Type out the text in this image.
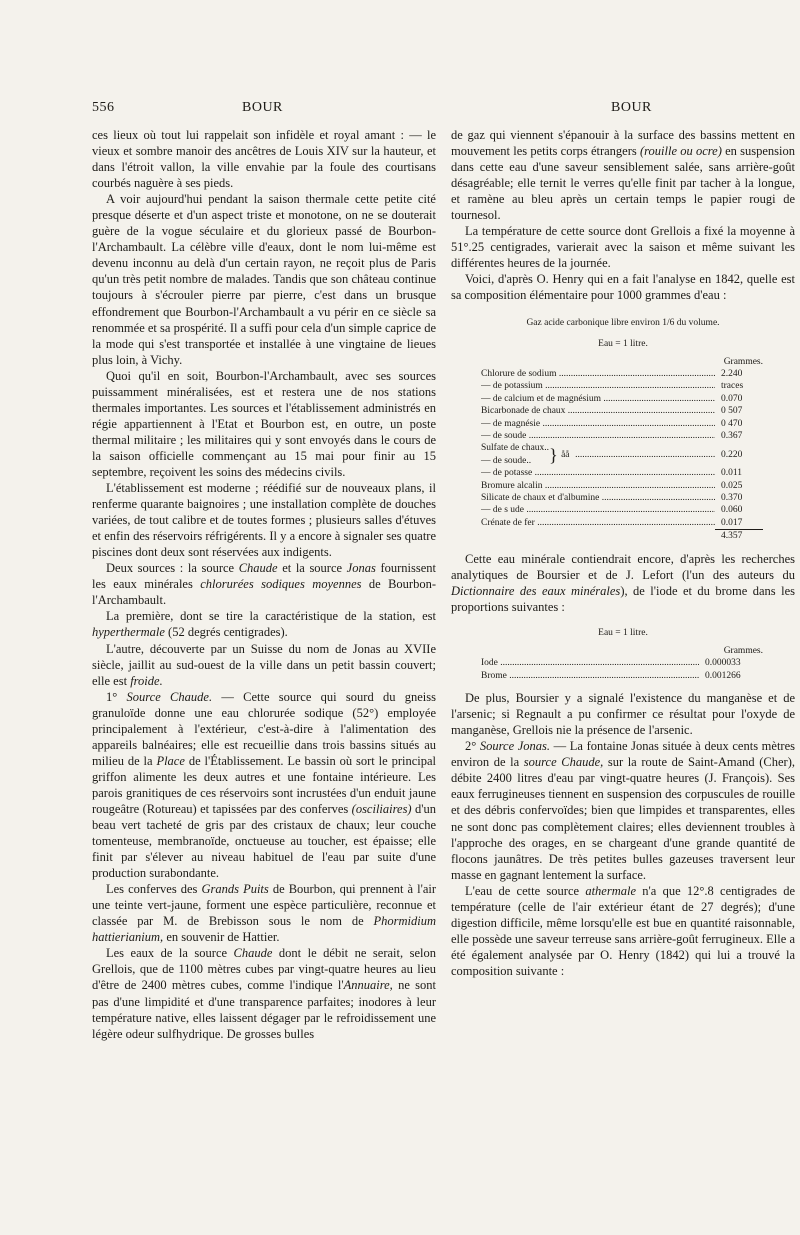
556	BOUR	BOUR

ces lieux où tout lui rappelait son infidèle et royal amant : — le vieux et sombre manoir des ancêtres de Louis XIV sur la hauteur, et dans l'étroit vallon, la ville envahie par la foule des courtisans courbés naguère à ses pieds.

A voir aujourd'hui pendant la saison thermale cette petite cité presque déserte et d'un aspect triste et monotone, on ne se douterait guère de la vogue séculaire et du glorieux passé de Bourbon-l'Archambault. La célèbre ville d'eaux, dont le nom lui-même est devenu inconnu au delà d'un certain rayon, ne reçoit plus de Paris qu'un très petit nombre de malades. Tandis que son château continue toujours à s'écrouler pierre par pierre, c'est dans un brusque effondrement que Bourbon-l'Archambault a vu périr en ce siècle sa renommée et sa prospérité. Il a suffi pour cela d'un simple caprice de la mode qui s'est transportée et installée à une vingtaine de lieues plus loin, à Vichy.

Quoi qu'il en soit, Bourbon-l'Archambault, avec ses sources puissamment minéralisées, est et restera une de nos stations thermales importantes. Les sources et l'établissement administrés en régie appartiennent à l'Etat et Bourbon est, en outre, un poste thermal militaire ; les militaires qui y sont envoyés dans le cours de la saison officielle commençant au 15 mai pour finir au 15 septembre, reçoivent les soins des médecins civils.

L'établissement est moderne ; réédifié sur de nouveaux plans, il renferme quarante baignoires ; une installation complète de douches variées, de tout calibre et de toutes formes ; plusieurs salles d'étuves et enfin des réservoirs réfrigérents. Il y a encore à signaler ses quatre piscines dont deux sont réservées aux indigents.

Deux sources : la source Chaude et la source Jonas fournissent les eaux minérales chlorurées sodiques moyennes de Bourbon-l'Archambault.

La première, dont se tire la caractéristique de la station, est hyperthermale (52 degrés centigrades).

L'autre, découverte par un Suisse du nom de Jonas au XVIIe siècle, jaillit au sud-ouest de la ville dans un petit bassin couvert; elle est froide.

1° Source Chaude. — Cette source qui sourd du gneiss granuloïde donne une eau chlorurée sodique (52°) employée principalement à l'extérieur, c'est-à-dire à l'alimentation des appareils balnéaires; elle est recueillie dans trois bassins situés au milieu de la Place de l'Établissement. Le bassin où sort le principal griffon alimente les deux autres et une fontaine intérieure. Les parois granitiques de ces réservoirs sont incrustées d'un enduit jaune rougeâtre (Rotureau) et tapissées par des conferves (osciliaires) d'un beau vert tacheté de gris par des cristaux de chaux; leur couche tomenteuse, membranoïde, onctueuse au toucher, est épaisse; elle finit par s'élever au niveau habituel de l'eau par suite d'une production surabondante.

Les conferves des Grands Puits de Bourbon, qui prennent à l'air une teinte vert-jaune, forment une espèce particulière, reconnue et classée par M. de Brebisson sous le nom de Phormidium hattierianium, en souvenir de Hattier.

Les eaux de la source Chaude dont le débit ne serait, selon Grellois, que de 1100 mètres cubes par vingt-quatre heures au lieu d'être de 2400 mètres cubes, comme l'indique l'Annuaire, ne sont pas d'une limpidité et d'une transparence parfaites; inodores à leur température native, elles laissent dégager par le refroidissement une légère odeur sulfhydrique. De grosses bulles

de gaz qui viennent s'épanouir à la surface des bassins mettent en mouvement les petits corps étrangers (rouille ou ocre) en suspension dans cette eau d'une saveur sensiblement salée, sans arrière-goût désagréable; elle ternit le verres qu'elle finit par tacher à la longue, et ramène au bleu après un certain temps le papier rougi de tournesol.

La température de cette source dont Grellois a fixé la moyenne à 51°.25 centigrades, varierait avec la saison et même suivant les différentes heures de la journée.

Voici, d'après O. Henry qui en a fait l'analyse en 1842, quelle est sa composition élémentaire pour 1000 grammes d'eau :

Gaz acide carbonique libre environ 1/6 du volume.
Eau = 1 litre.
Grammes.
Chlorure de sodium .....	2.240
— de potassium .....	traces
— de calcium et de magnésium .....	0.070
Bicarbonade de chaux .....	0 507
— de magnésie .....	0 470
— de soude .....	0.367
Sulfate de chaux..
— de soude.. } åå .....	0.220
— de potasse .....	0.011
Bromure alcalin .....	0.025
Silicate de chaux et d'albumine .....	0.370
— de s ude .....	0.060
Crénate de fer .....	0.017
4.357

Cette eau minérale contiendrait encore, d'après les recherches analytiques de Boursier et de J. Lefort (l'un des auteurs du Dictionnaire des eaux minérales), de l'iode et du brome dans les proportions suivantes :

Eau = 1 litre.
Grammes.
Iode .....	0.000033
Brome .....	0.001266

De plus, Boursier y a signalé l'existence du manganèse et de l'arsenic; si Regnault a pu confirmer ce résultat pour l'oxyde de manganèse, Grellois nie la présence de l'arsenic.

2° Source Jonas. — La fontaine Jonas située à deux cents mètres environ de la source Chaude, sur la route de Saint-Amand (Cher), débite 2400 litres d'eau par vingt-quatre heures (J. François). Ses eaux ferrugineuses tiennent en suspension des corpuscules de rouille et des débris confervoïdes; bien que limpides et transparentes, elles ne sont donc pas complètement claires; elles deviennent troubles à l'approche des orages, en se chargeant d'une grande quantité de flocons jaunâtres. De très petites bulles gazeuses traversent leur masse en gagnant lentement la surface.

L'eau de cette source athermale n'a que 12°.8 centigrades de température (celle de l'air extérieur étant de 27 degrés); d'une digestion difficile, même lorsqu'elle est bue en quantité raisonnable, elle possède une saveur terreuse sans arrière-goût ferrugineux. Elle a été également analysée par O. Henry (1842) qui lui a trouvé la composition suivante :
